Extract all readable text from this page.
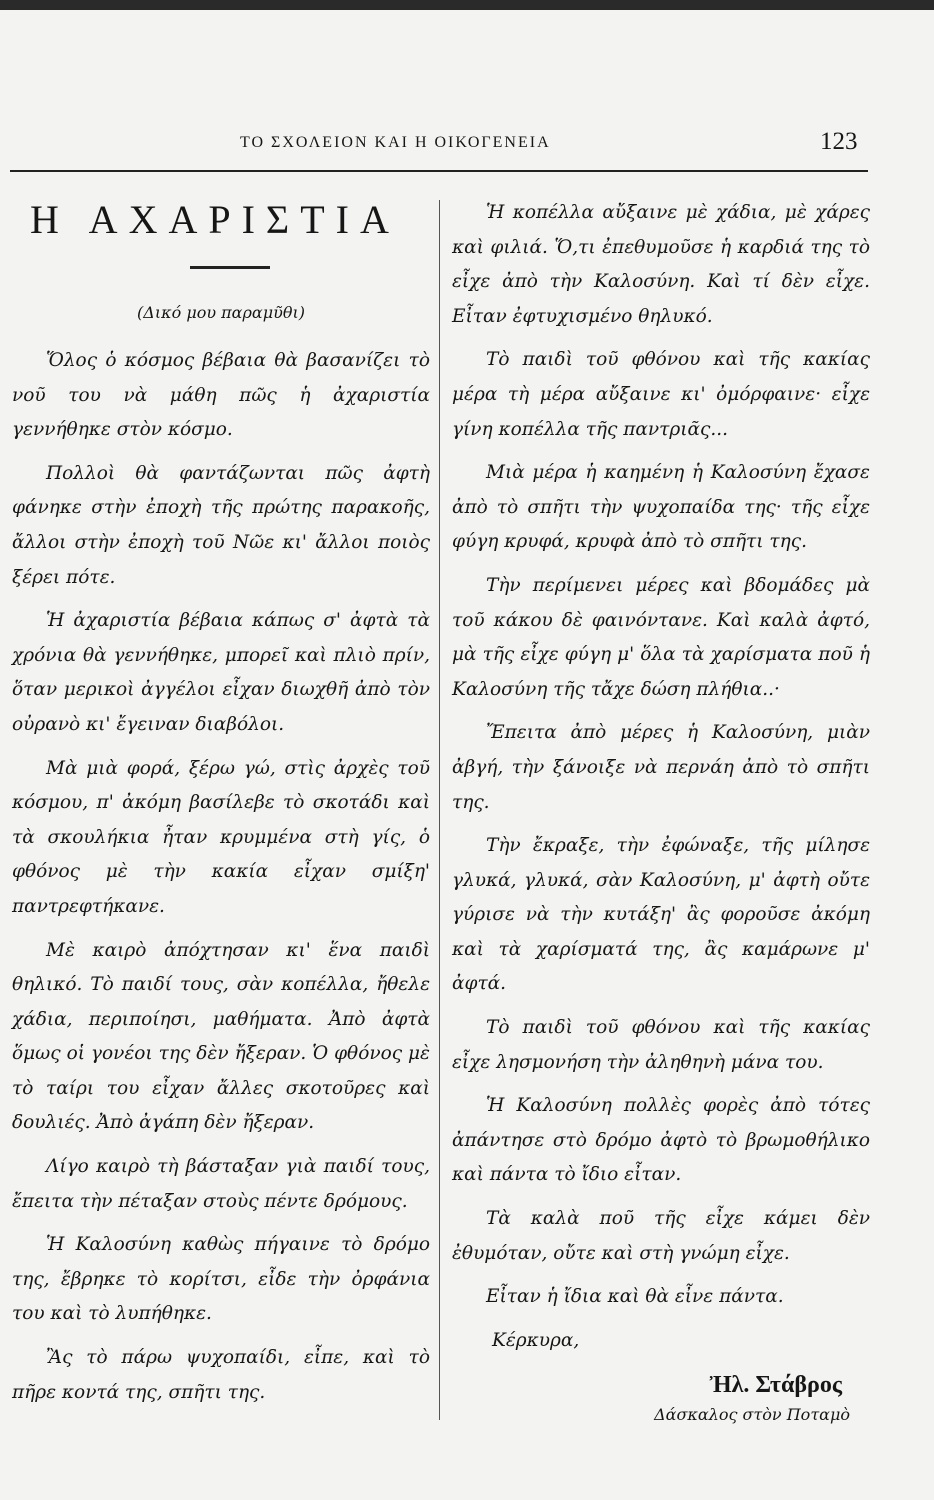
ΤΟ ΣΧΟΛΕΙΟΝ ΚΑΙ Η ΟΙΚΟΓΕΝΕΙΑ	123
Η ΑΧΑΡΙΣΤΙΑ
(Δικό μου παραμῦθι)

Ὅλος ὁ κόσμος βέβαια θὰ βασανίζει τὸ νοῦ του νὰ μάθη πῶς ἡ ἀχαριστία γεννήθηκε στὸν κόσμο.

Πολλοὶ θὰ φαντάζωνται πῶς ἀφτὴ φάνηκε στὴν ἐποχὴ τῆς πρώτης παρακοῆς, ἄλλοι στὴν ἐποχὴ τοῦ Νῶε κι' ἄλλοι ποιὸς ξέρει πότε.

Ἡ ἀχαριστία βέβαια κάπως σ' ἀφτὰ τὰ χρόνια θὰ γεννήθηκε, μπορεῖ καὶ πλιὸ πρίν, ὅταν μερικοὶ ἀγγέλοι εἶχαν διωχθῆ ἀπὸ τὸν οὐρανὸ κι' ἔγειναν διαβόλοι.

Μὰ μιὰ φορά, ξέρω γώ, στὶς ἀρχὲς τοῦ κόσμου, π' ἀκόμη βασίλεβε τὸ σκοτάδι καὶ τὰ σκουλήκια ἦταν κρυμμένα στὴ γίς, ὁ φθόνος μὲ τὴν κακία εἶχαν σμίξη' παντρεφτήκανε.

Μὲ καιρὸ ἀπόχτησαν κι' ἕνα παιδὶ θηλικό. Τὸ παιδί τους, σὰν κοπέλλα, ἤθελε χάδια, περιποίησι, μαθήματα. Ἀπὸ ἀφτὰ ὅμως οἱ γονέοι της δὲν ἤξεραν. Ὁ φθόνος μὲ τὸ ταίρι του εἶχαν ἄλλες σκοτοῦρες καὶ δουλιές. Ἀπὸ ἀγάπη δὲν ἤξεραν.

Λίγο καιρὸ τὴ βάσταξαν γιὰ παιδί τους, ἔπειτα τὴν πέταξαν στοὺς πέντε δρόμους.

Ἡ Καλοσύνη καθὼς πήγαινε τὸ δρόμο της, ἔβρηκε τὸ κορίτσι, εἶδε τὴν ὀρφάνια του καὶ τὸ λυπήθηκε.

Ἂς τὸ πάρω ψυχοπαίδι, εἶπε, καὶ τὸ πῆρε κοντά της, σπῆτι της.

Ἡ κοπέλλα αὔξαινε μὲ χάδια, μὲ χάρες καὶ φιλιά. Ὅ,τι ἐπεθυμοῦσε ἡ καρδιά της τὸ εἶχε ἀπὸ τὴν Καλοσύνη. Καὶ τί δὲν εἶχε. Εἶταν ἐφτυχισμένο θηλυκό.

Τὸ παιδὶ τοῦ φθόνου καὶ τῆς κακίας μέρα τὴ μέρα αὔξαινε κι' ὀμόρφαινε· εἶχε γίνη κοπέλλα τῆς παντριᾶς...

Μιὰ μέρα ἡ καημένη ἡ Καλοσύνη ἔχασε ἀπὸ τὸ σπῆτι τὴν ψυχοπαίδα της· τῆς εἶχε φύγη κρυφά, κρυφὰ ἀπὸ τὸ σπῆτι της.

Τὴν περίμενει μέρες καὶ βδομάδες μὰ τοῦ κάκου δὲ φαινόντανε. Καὶ καλὰ ἀφτό, μὰ τῆς εἶχε φύγη μ' ὅλα τὰ χαρίσματα ποῦ ἡ Καλοσύνη τῆς τἄχε δώση πλήθια..·

Ἔπειτα ἀπὸ μέρες ἡ Καλοσύνη, μιὰν ἀβγή, τὴν ξάνοιξε νὰ περνάη ἀπὸ τὸ σπῆτι της.

Τὴν ἔκραξε, τὴν ἐφώναξε, τῆς μίλησε γλυκά, γλυκά, σὰν Καλοσύνη, μ' ἀφτὴ οὔτε γύρισε νὰ τὴν κυτάξη' ἂς φοροῦσε ἀκόμη καὶ τὰ χαρίσματά της, ἂς καμάρωνε μ' ἀφτά.

Τὸ παιδὶ τοῦ φθόνου καὶ τῆς κακίας εἶχε λησμονήση τὴν ἀληθηνὴ μάνα του.

Ἡ Καλοσύνη πολλὲς φορὲς ἀπὸ τότες ἀπάντησε στὸ δρόμο ἀφτὸ τὸ βρωμοθήλικο καὶ πάντα τὸ ἴδιο εἶταν.

Τὰ καλὰ ποῦ τῆς εἶχε κάμει δὲν ἐθυμόταν, οὔτε καὶ στὴ γνώμη εἶχε.

Εἶταν ἡ ἴδια καὶ θὰ εἶνε πάντα.

Κέρκυρα,

Ἠλ. Στάβρος
Δάσκαλος στὸν Ποταμὸ
